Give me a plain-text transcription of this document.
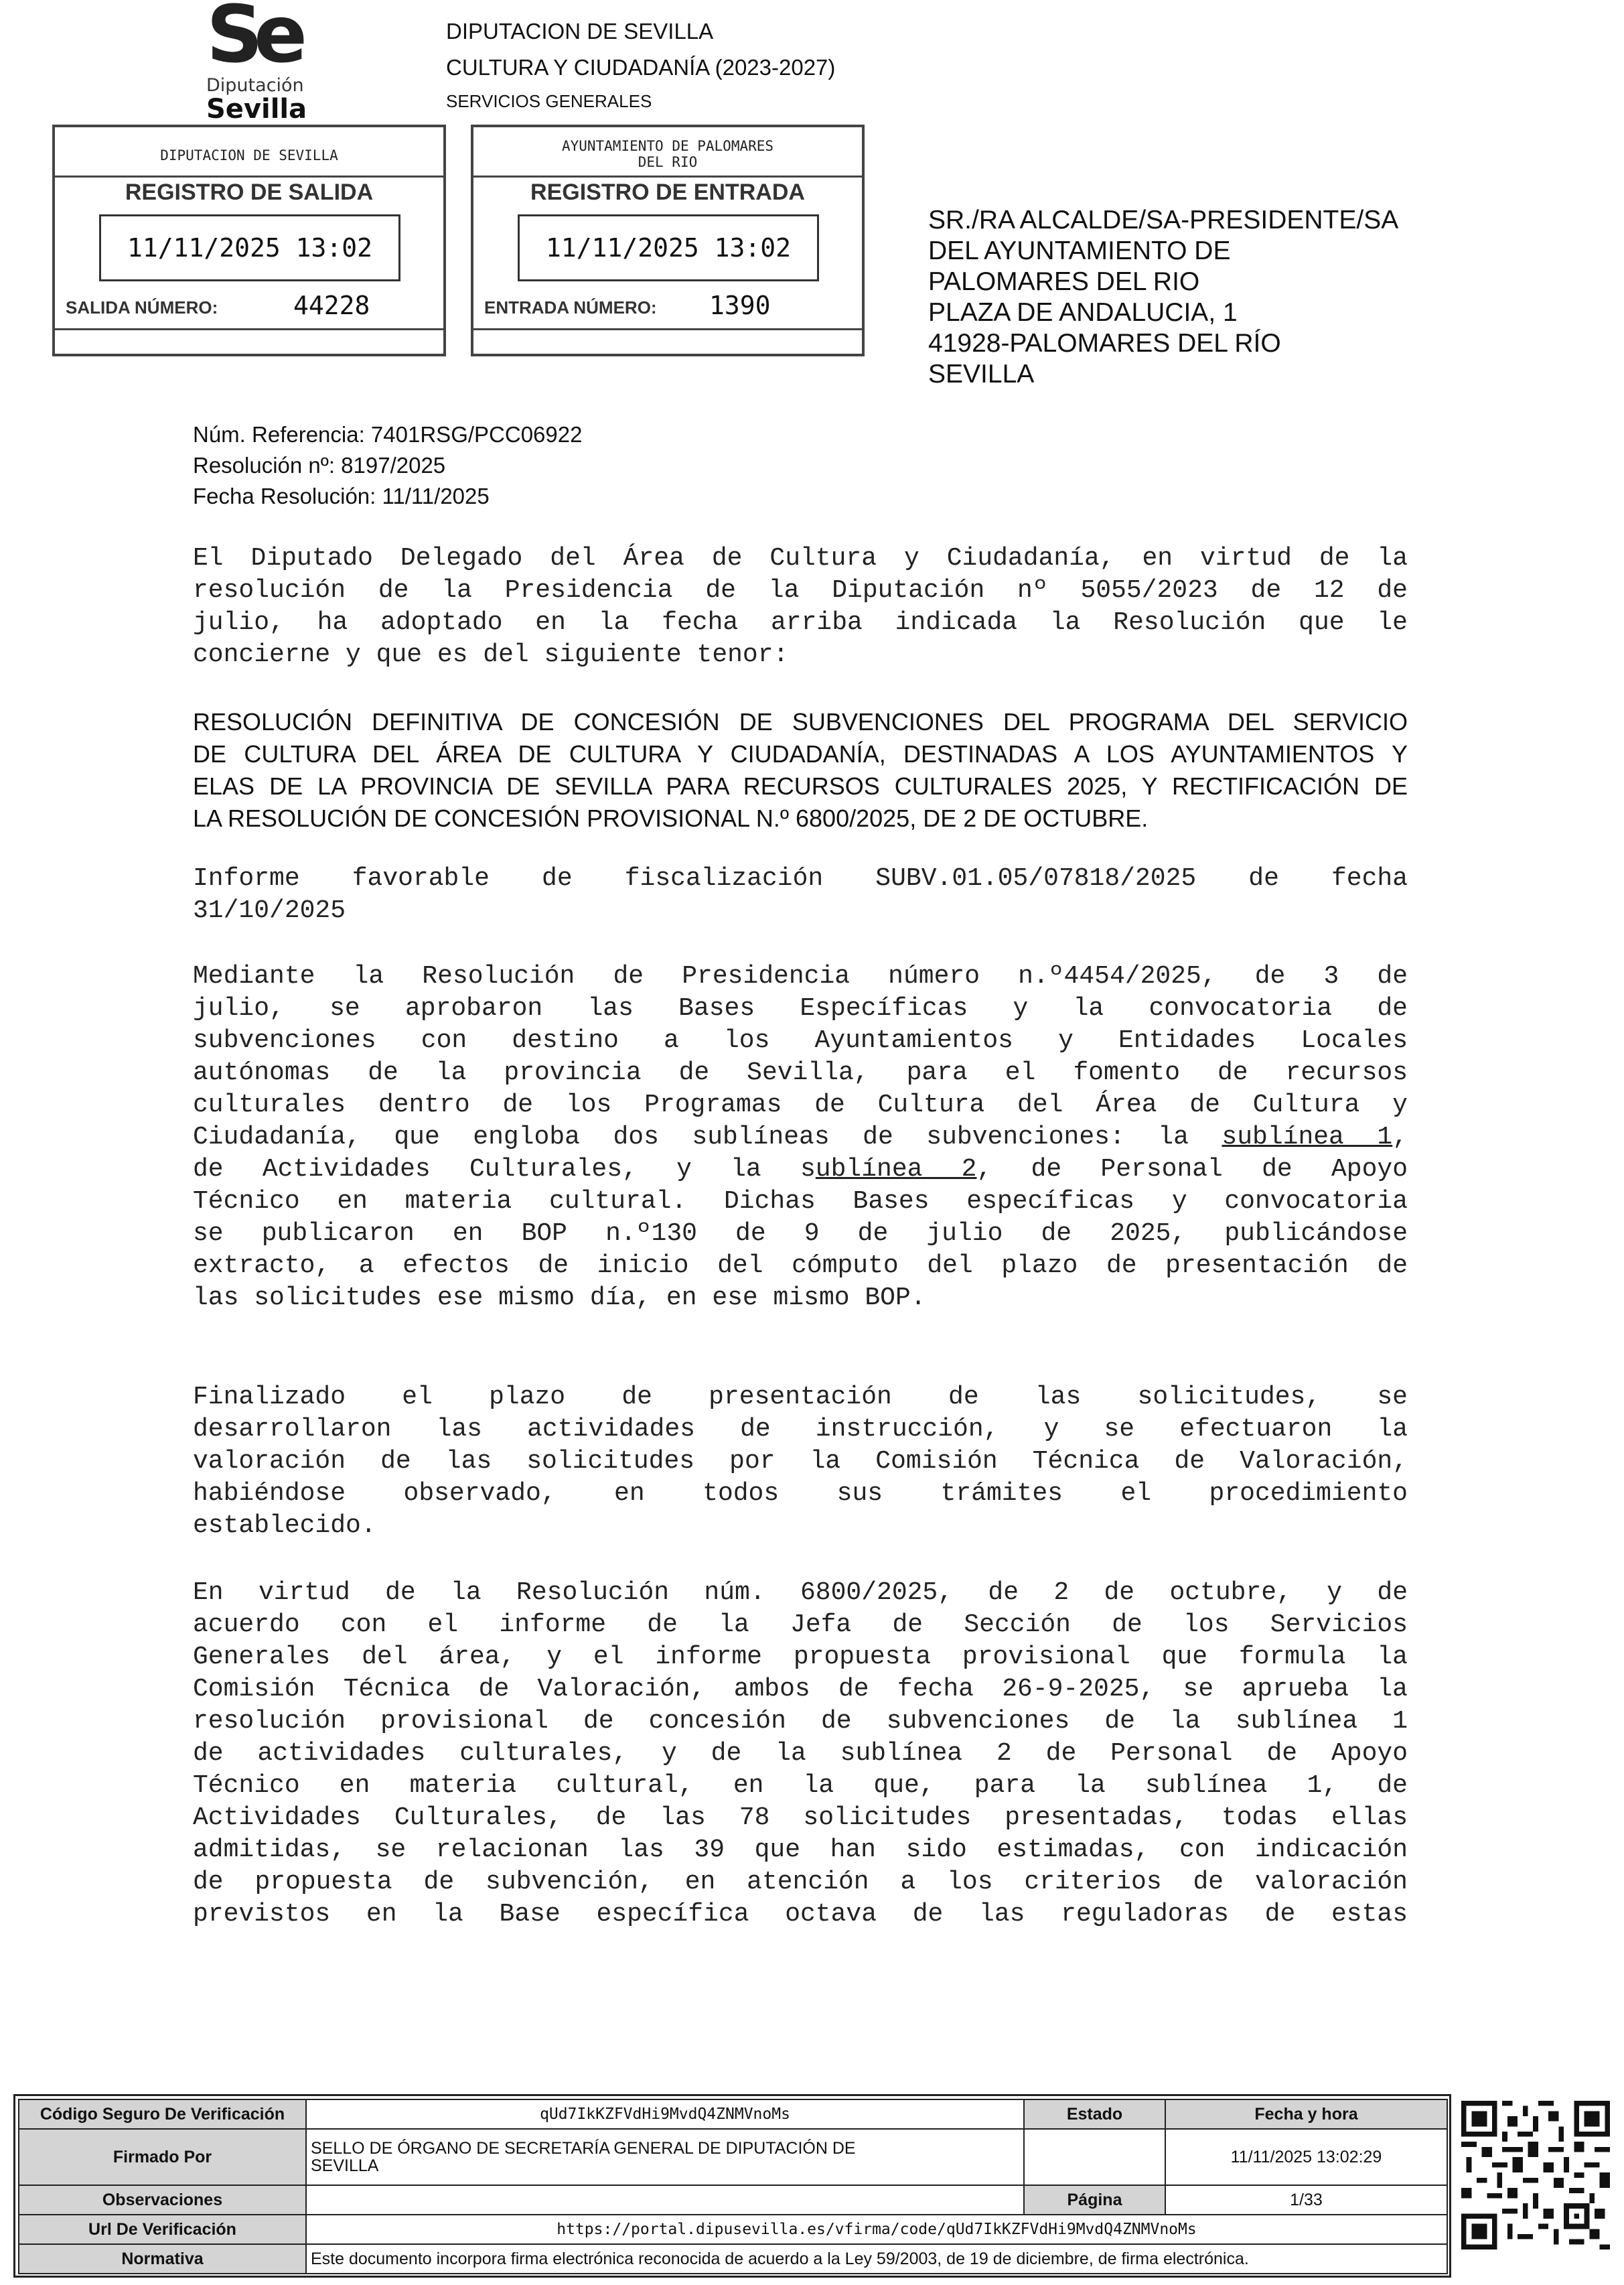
Se
Diputación
Sevilla
DIPUTACION DE SEVILLA
CULTURA Y CIUDADANÍA (2023-2027)
SERVICIOS GENERALES
DIPUTACION DE SEVILLA
REGISTRO DE SALIDA
11/11/2025 13:02
SALIDA NÚMERO:	44228
AYUNTAMIENTO DE PALOMARES
DEL RIO
REGISTRO DE ENTRADA
11/11/2025 13:02
ENTRADA NÚMERO: 1390
SR./RA ALCALDE/SA-PRESIDENTE/SA
DEL AYUNTAMIENTO DE
PALOMARES DEL RIO
PLAZA DE ANDALUCIA, 1
41928-PALOMARES DEL RÍO
SEVILLA
Núm. Referencia: 7401RSG/PCC06922
Resolución nº: 8197/2025
Fecha Resolución: 11/11/2025
El Diputado Delegado del Área de Cultura y Ciudadanía, en virtud de la
resolución de la Presidencia de la Diputación nº 5055/2023 de 12 de
julio, ha adoptado en la fecha arriba indicada la Resolución que le
concierne y que es del siguiente tenor:
RESOLUCIÓN DEFINITIVA DE CONCESIÓN DE SUBVENCIONES DEL PROGRAMA DEL SERVICIO
DE CULTURA DEL ÁREA DE CULTURA Y CIUDADANÍA, DESTINADAS A LOS AYUNTAMIENTOS Y
ELAS DE LA PROVINCIA DE SEVILLA PARA RECURSOS CULTURALES 2025, Y RECTIFICACIÓN DE
LA RESOLUCIÓN DE CONCESIÓN PROVISIONAL N.º 6800/2025, DE 2 DE OCTUBRE.
Informe favorable de fiscalización SUBV.01.05/07818/2025 de fecha
31/10/2025
Mediante la Resolución de Presidencia número n.º4454/2025, de 3 de
julio, se aprobaron las Bases Específicas y la convocatoria de
subvenciones con destino a los Ayuntamientos y Entidades Locales
autónomas de la provincia de Sevilla, para el fomento de recursos
culturales dentro de los Programas de Cultura del Área de Cultura y
Ciudadanía, que engloba dos sublíneas de subvenciones: la sublínea 1,
de Actividades Culturales, y la sublínea 2, de Personal de Apoyo
Técnico en materia cultural. Dichas Bases específicas y convocatoria
se publicaron en BOP n.º130 de 9 de julio de 2025, publicándose
extracto, a efectos de inicio del cómputo del plazo de presentación de
las solicitudes ese mismo día, en ese mismo BOP.
Finalizado el plazo de presentación de las solicitudes, se
desarrollaron las actividades de instrucción, y se efectuaron la
valoración de las solicitudes por la Comisión Técnica de Valoración,
habiéndose observado, en todos sus trámites el procedimiento
establecido.
En virtud de la Resolución núm. 6800/2025, de 2 de octubre, y de
acuerdo con el informe de la Jefa de Sección de los Servicios
Generales del área, y el informe propuesta provisional que formula la
Comisión Técnica de Valoración, ambos de fecha 26-9-2025, se aprueba la
resolución provisional de concesión de subvenciones de la sublínea 1
de actividades culturales, y de la sublínea 2 de Personal de Apoyo
Técnico en materia cultural, en la que, para la sublínea 1, de
Actividades Culturales, de las 78 solicitudes presentadas, todas ellas
admitidas, se relacionan las 39 que han sido estimadas, con indicación
de propuesta de subvención, en atención a los criterios de valoración
previstos en la Base específica octava de las reguladoras de estas
Código Seguro De Verificación	qUd7IkKZFVdHi9MvdQ4ZNMVnoMs	Estado	Fecha y hora
Firmado Por	SELLO DE ÓRGANO DE SECRETARÍA GENERAL DE DIPUTACIÓN DE
SEVILLA		11/11/2025 13:02:29
Observaciones		Página	1/33
Url De Verificación	https://portal.dipusevilla.es/vfirma/code/qUd7IkKZFVdHi9MvdQ4ZNMVnoMs		
Normativa	Este documento incorpora firma electrónica reconocida de acuerdo a la Ley 59/2003, de 19 de diciembre, de firma electrónica.		
